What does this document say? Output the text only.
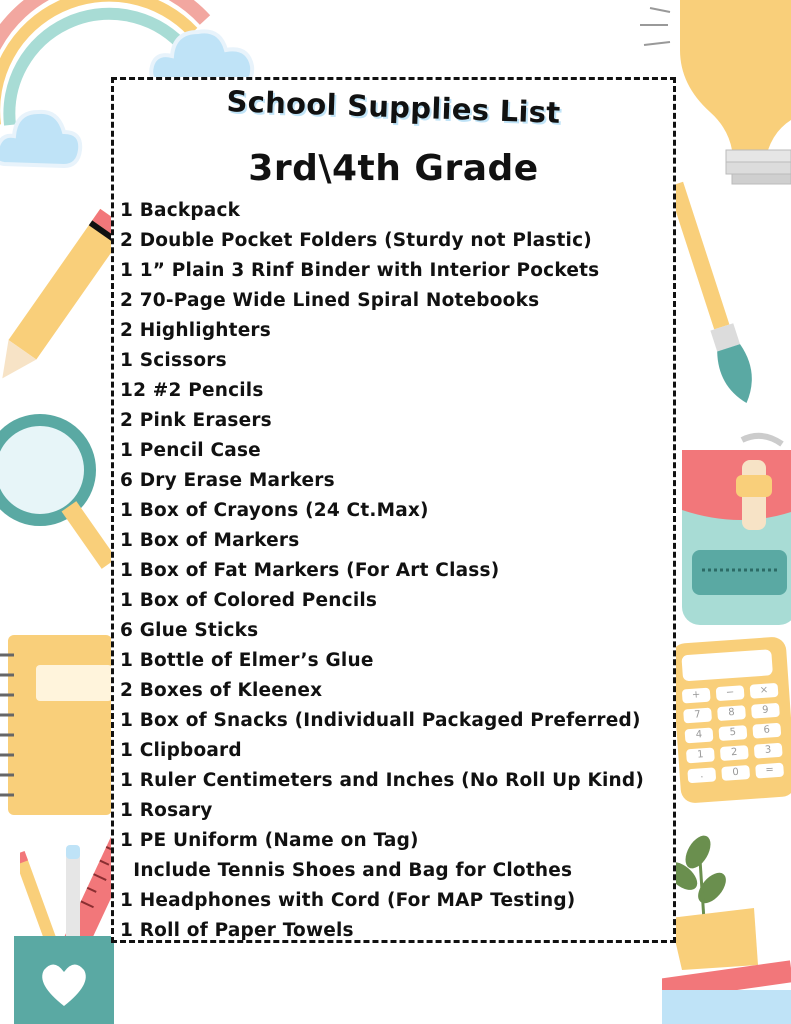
+	−	×
7	8	9
4	5	6
1	2	3
.	0	=
School Supplies List
3rd\4th Grade
1 Backpack
2 Double Pocket Folders (Sturdy not Plastic)
1 1” Plain 3 Rinf Binder with Interior Pockets
2 70-Page Wide Lined Spiral Notebooks
2 Highlighters
1 Scissors
12 #2 Pencils
2 Pink Erasers
1 Pencil Case
6 Dry Erase Markers
1 Box of Crayons (24 Ct.Max)
1 Box of Markers
1 Box of Fat Markers (For Art Class)
1 Box of Colored Pencils
6 Glue Sticks
1 Bottle of Elmer’s Glue
2 Boxes of Kleenex
1 Box of Snacks (Individuall Packaged Preferred)
1 Clipboard
1 Ruler Centimeters and Inches (No Roll Up Kind)
1 Rosary
1 PE Uniform (Name on Tag)
Include Tennis Shoes and Bag for Clothes
1 Headphones with Cord (For MAP Testing)
1 Roll of Paper Towels
